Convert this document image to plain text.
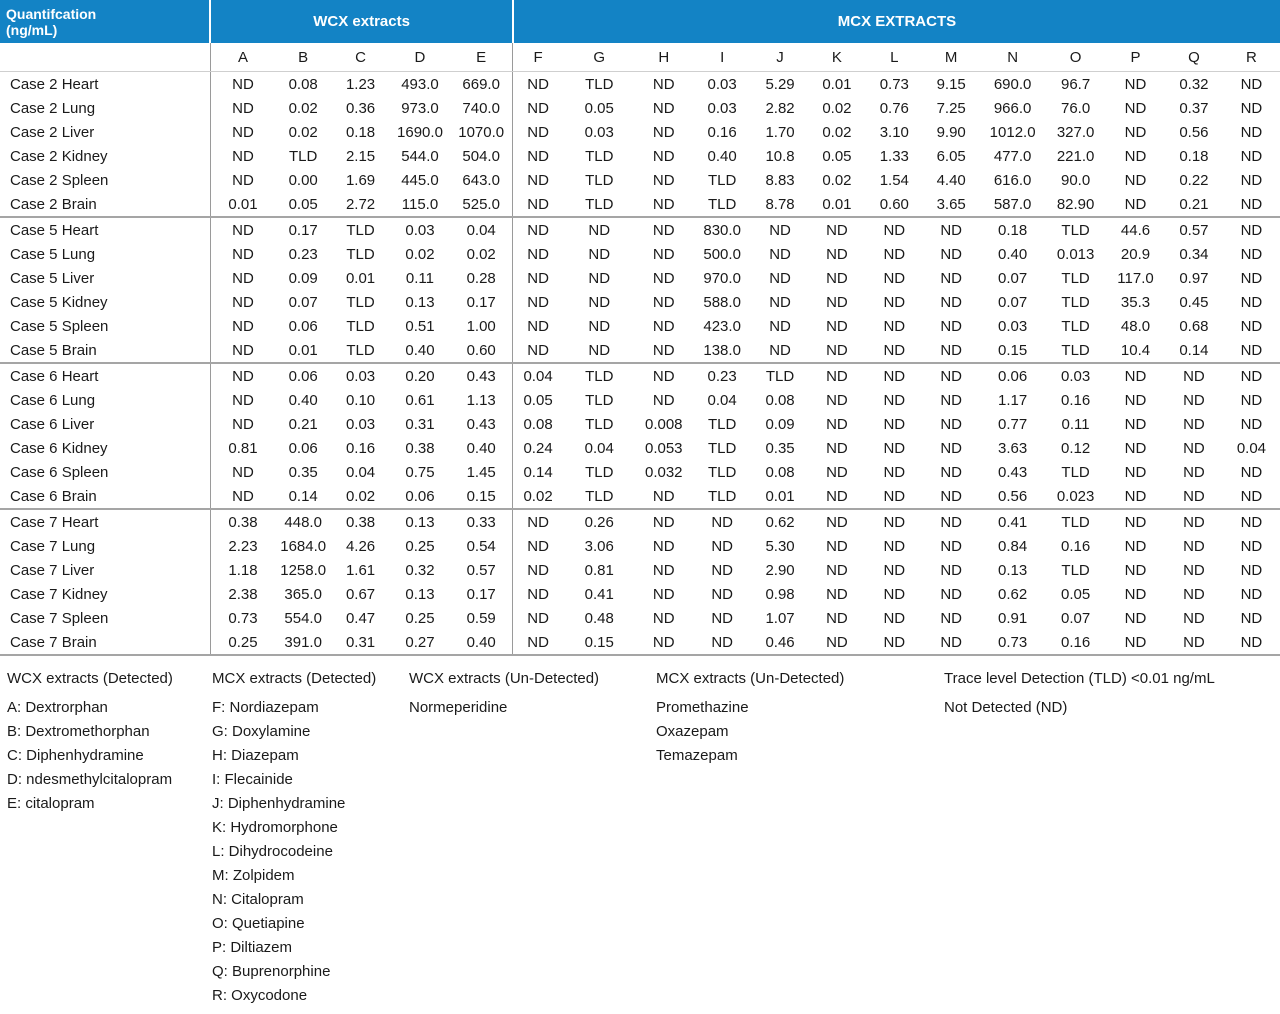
Quantifcation
(ng/mL)	WCX extracts					MCX EXTRACTS												
	A	B	C	D	E	F	G	H	I	J	K	L	M	N	O	P	Q	R
Case 2 Heart	ND	0.08	1.23	493.0	669.0	ND	TLD	ND	0.03	5.29	0.01	0.73	9.15	690.0	96.7	ND	0.32	ND
Case 2 Lung	ND	0.02	0.36	973.0	740.0	ND	0.05	ND	0.03	2.82	0.02	0.76	7.25	966.0	76.0	ND	0.37	ND
Case 2 Liver	ND	0.02	0.18	1690.0	1070.0	ND	0.03	ND	0.16	1.70	0.02	3.10	9.90	1012.0	327.0	ND	0.56	ND
Case 2 Kidney	ND	TLD	2.15	544.0	504.0	ND	TLD	ND	0.40	10.8	0.05	1.33	6.05	477.0	221.0	ND	0.18	ND
Case 2 Spleen	ND	0.00	1.69	445.0	643.0	ND	TLD	ND	TLD	8.83	0.02	1.54	4.40	616.0	90.0	ND	0.22	ND
Case 2 Brain	0.01	0.05	2.72	115.0	525.0	ND	TLD	ND	TLD	8.78	0.01	0.60	3.65	587.0	82.90	ND	0.21	ND
Case 5 Heart	ND	0.17	TLD	0.03	0.04	ND	ND	ND	830.0	ND	ND	ND	ND	0.18	TLD	44.6	0.57	ND
Case 5 Lung	ND	0.23	TLD	0.02	0.02	ND	ND	ND	500.0	ND	ND	ND	ND	0.40	0.013	20.9	0.34	ND
Case 5 Liver	ND	0.09	0.01	0.11	0.28	ND	ND	ND	970.0	ND	ND	ND	ND	0.07	TLD	117.0	0.97	ND
Case 5 Kidney	ND	0.07	TLD	0.13	0.17	ND	ND	ND	588.0	ND	ND	ND	ND	0.07	TLD	35.3	0.45	ND
Case 5 Spleen	ND	0.06	TLD	0.51	1.00	ND	ND	ND	423.0	ND	ND	ND	ND	0.03	TLD	48.0	0.68	ND
Case 5 Brain	ND	0.01	TLD	0.40	0.60	ND	ND	ND	138.0	ND	ND	ND	ND	0.15	TLD	10.4	0.14	ND
Case 6 Heart	ND	0.06	0.03	0.20	0.43	0.04	TLD	ND	0.23	TLD	ND	ND	ND	0.06	0.03	ND	ND	ND
Case 6 Lung	ND	0.40	0.10	0.61	1.13	0.05	TLD	ND	0.04	0.08	ND	ND	ND	1.17	0.16	ND	ND	ND
Case 6 Liver	ND	0.21	0.03	0.31	0.43	0.08	TLD	0.008	TLD	0.09	ND	ND	ND	0.77	0.11	ND	ND	ND
Case 6 Kidney	0.81	0.06	0.16	0.38	0.40	0.24	0.04	0.053	TLD	0.35	ND	ND	ND	3.63	0.12	ND	ND	0.04
Case 6 Spleen	ND	0.35	0.04	0.75	1.45	0.14	TLD	0.032	TLD	0.08	ND	ND	ND	0.43	TLD	ND	ND	ND
Case 6 Brain	ND	0.14	0.02	0.06	0.15	0.02	TLD	ND	TLD	0.01	ND	ND	ND	0.56	0.023	ND	ND	ND
Case 7 Heart	0.38	448.0	0.38	0.13	0.33	ND	0.26	ND	ND	0.62	ND	ND	ND	0.41	TLD	ND	ND	ND
Case 7 Lung	2.23	1684.0	4.26	0.25	0.54	ND	3.06	ND	ND	5.30	ND	ND	ND	0.84	0.16	ND	ND	ND
Case 7 Liver	1.18	1258.0	1.61	0.32	0.57	ND	0.81	ND	ND	2.90	ND	ND	ND	0.13	TLD	ND	ND	ND
Case 7 Kidney	2.38	365.0	0.67	0.13	0.17	ND	0.41	ND	ND	0.98	ND	ND	ND	0.62	0.05	ND	ND	ND
Case 7 Spleen	0.73	554.0	0.47	0.25	0.59	ND	0.48	ND	ND	1.07	ND	ND	ND	0.91	0.07	ND	ND	ND
Case 7 Brain	0.25	391.0	0.31	0.27	0.40	ND	0.15	ND	ND	0.46	ND	ND	ND	0.73	0.16	ND	ND	ND
WCX extracts (Detected)
A: Dextrorphan
B: Dextromethorphan
C: Diphenhydramine
D: ndesmethylcitalopram
E: citalopram
MCX extracts (Detected)
F: Nordiazepam
G: Doxylamine
H: Diazepam
I: Flecainide
J: Diphenhydramine
K: Hydromorphone
L: Dihydrocodeine
M: Zolpidem
N: Citalopram
O: Quetiapine
P: Diltiazem
Q: Buprenorphine
R: Oxycodone
WCX extracts (Un-Detected)
Normeperidine
MCX extracts (Un-Detected)
Promethazine
Oxazepam
Temazepam
Trace level Detection (TLD) <0.01 ng/mL
Not Detected (ND)
